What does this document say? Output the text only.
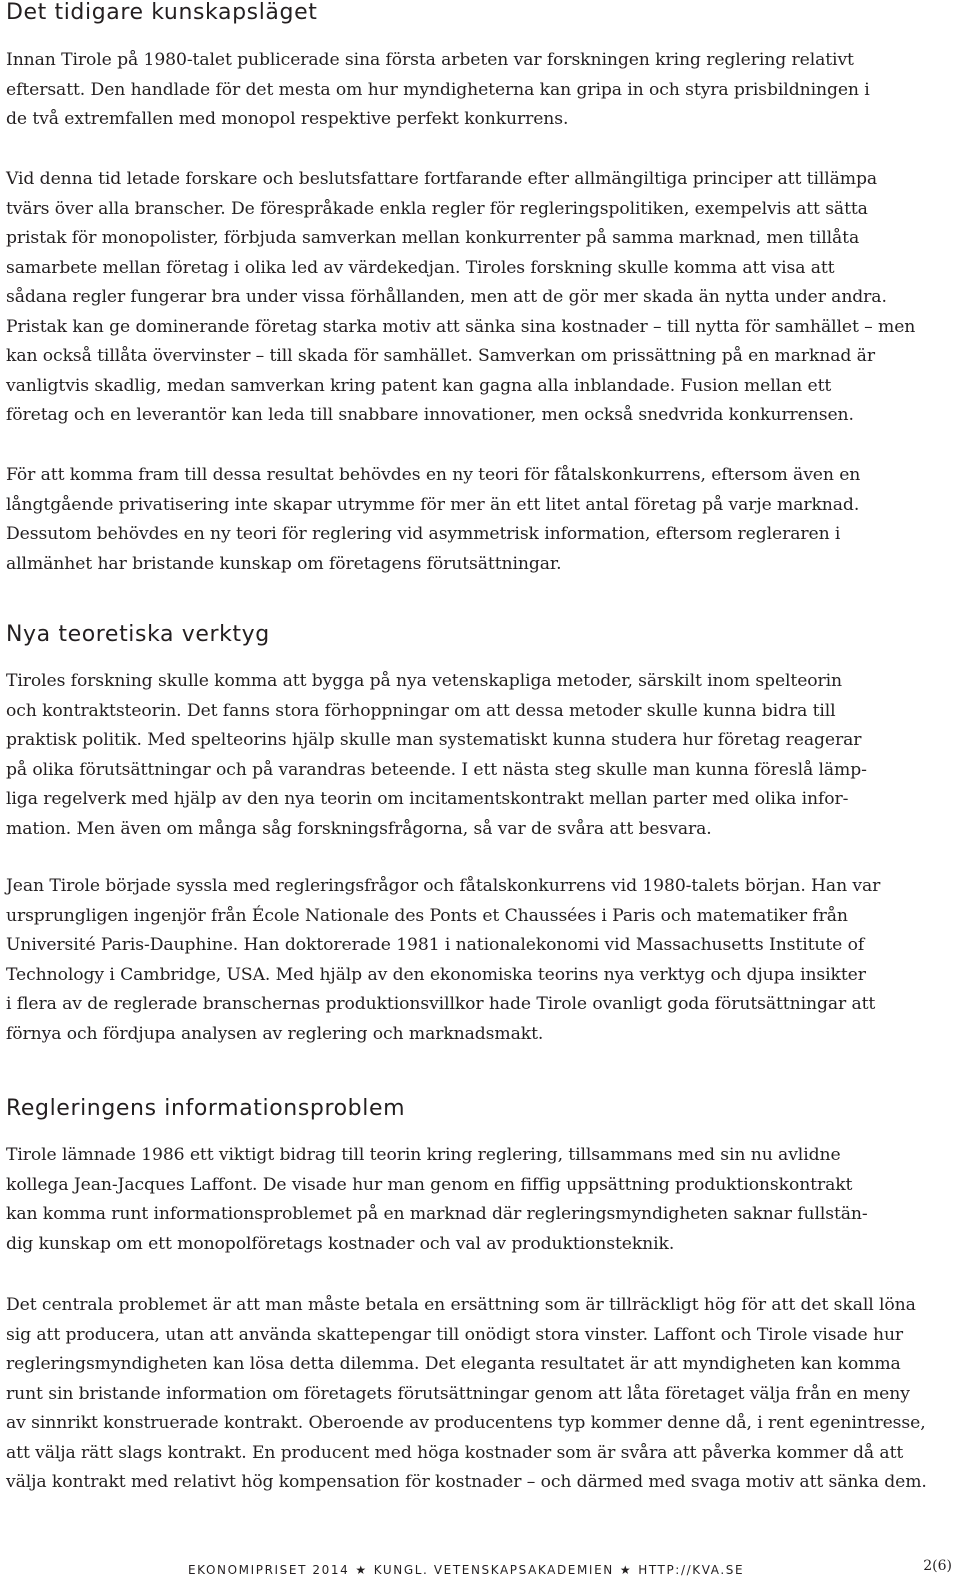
Det tidigare kunskapsläget
Innan Tirole på 1980-talet publicerade sina första arbeten var forskningen kring reglering relativt
eftersatt. Den handlade för det mesta om hur myndigheterna kan gripa in och styra prisbildningen i
de två extremfallen med monopol respektive perfekt konkurrens.
Vid denna tid letade forskare och beslutsfattare fortfarande efter allmängiltiga principer att tillämpa
tvärs över alla branscher. De förespråkade enkla regler för regleringspolitiken, exempelvis att sätta
pristak för monopolister, förbjuda samverkan mellan konkurrenter på samma marknad, men tillåta
samarbete mellan företag i olika led av värdekedjan. Tiroles forskning skulle komma att visa att
sådana regler fungerar bra under vissa förhållanden, men att de gör mer skada än nytta under andra.
Pristak kan ge dominerande företag starka motiv att sänka sina kostnader – till nytta för samhället – men
kan också tillåta övervinster – till skada för samhället. Samverkan om prissättning på en marknad är
vanligtvis skadlig, medan samverkan kring patent kan gagna alla inblandade. Fusion mellan ett
företag och en leverantör kan leda till snabbare innovationer, men också snedvrida konkurrensen.
För att komma fram till dessa resultat behövdes en ny teori för fåtalskonkurrens, eftersom även en
långtgående privatisering inte skapar utrymme för mer än ett litet antal företag på varje marknad.
Dessutom behövdes en ny teori för reglering vid asymmetrisk information, eftersom regleraren i
allmänhet har bristande kunskap om företagens förutsättningar.
Nya teoretiska verktyg
Tiroles forskning skulle komma att bygga på nya vetenskapliga metoder, särskilt inom spelteorin
och kontraktsteorin. Det fanns stora förhoppningar om att dessa metoder skulle kunna bidra till
praktisk politik. Med spelteorins hjälp skulle man systematiskt kunna studera hur företag reagerar
på olika förutsättningar och på varandras beteende. I ett nästa steg skulle man kunna föreslå lämp-
liga regelverk med hjälp av den nya teorin om incitamentskontrakt mellan parter med olika infor-
mation. Men även om många såg forskningsfrågorna, så var de svåra att besvara.
Jean Tirole började syssla med regleringsfrågor och fåtalskonkurrens vid 1980-talets början. Han var
ursprungligen ingenjör från École Nationale des Ponts et Chaussées i Paris och matematiker från
Université Paris-Dauphine. Han doktorerade 1981 i nationalekonomi vid Massachusetts Institute of
Technology i Cambridge, USA. Med hjälp av den ekonomiska teorins nya verktyg och djupa insikter
i flera av de reglerade branschernas produktionsvillkor hade Tirole ovanligt goda förutsättningar att
förnya och fördjupa analysen av reglering och marknadsmakt.
Regleringens informationsproblem
Tirole lämnade 1986 ett viktigt bidrag till teorin kring reglering, tillsammans med sin nu avlidne
kollega Jean-Jacques Laffont. De visade hur man genom en fiffig uppsättning produktionskontrakt
kan komma runt informationsproblemet på en marknad där regleringsmyndigheten saknar fullstän-
dig kunskap om ett monopolföretags kostnader och val av produktionsteknik.
Det centrala problemet är att man måste betala en ersättning som är tillräckligt hög för att det skall löna
sig att producera, utan att använda skattepengar till onödigt stora vinster. Laffont och Tirole visade hur
regleringsmyndigheten kan lösa detta dilemma. Det eleganta resultatet är att myndigheten kan komma
runt sin bristande information om företagets förutsättningar genom att låta företaget välja från en meny
av sinnrikt konstruerade kontrakt. Oberoende av producentens typ kommer denne då, i rent egenintresse,
att välja rätt slags kontrakt. En producent med höga kostnader som är svåra att påverka kommer då att
välja kontrakt med relativt hög kompensation för kostnader – och därmed med svaga motiv att sänka dem.
EKONOMIPRISET 2014 ★ KUNGL. VETENSKAPSAKADEMIEN ★ HTTP://KVA.SE	2(6)
